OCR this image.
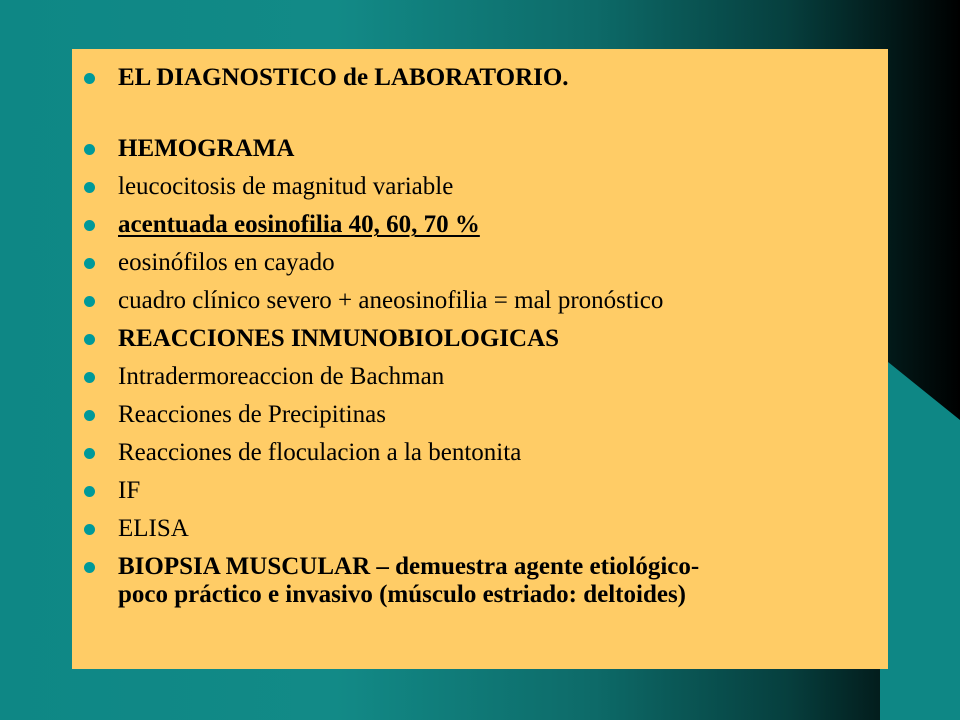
EL DIAGNOSTICO de LABORATORIO.
HEMOGRAMA
leucocitosis de magnitud variable
acentuada eosinofilia 40, 60, 70 %
eosinófilos en cayado
cuadro clínico severo + aneosinofilia = mal pronóstico
REACCIONES INMUNOBIOLOGICAS
Intradermoreaccion de Bachman
Reacciones de Precipitinas
Reacciones de floculacion a la bentonita
IF
ELISA
BIOPSIA MUSCULAR – demuestra agente etiológico-
poco práctico e invasivo (músculo estriado: deltoides)
